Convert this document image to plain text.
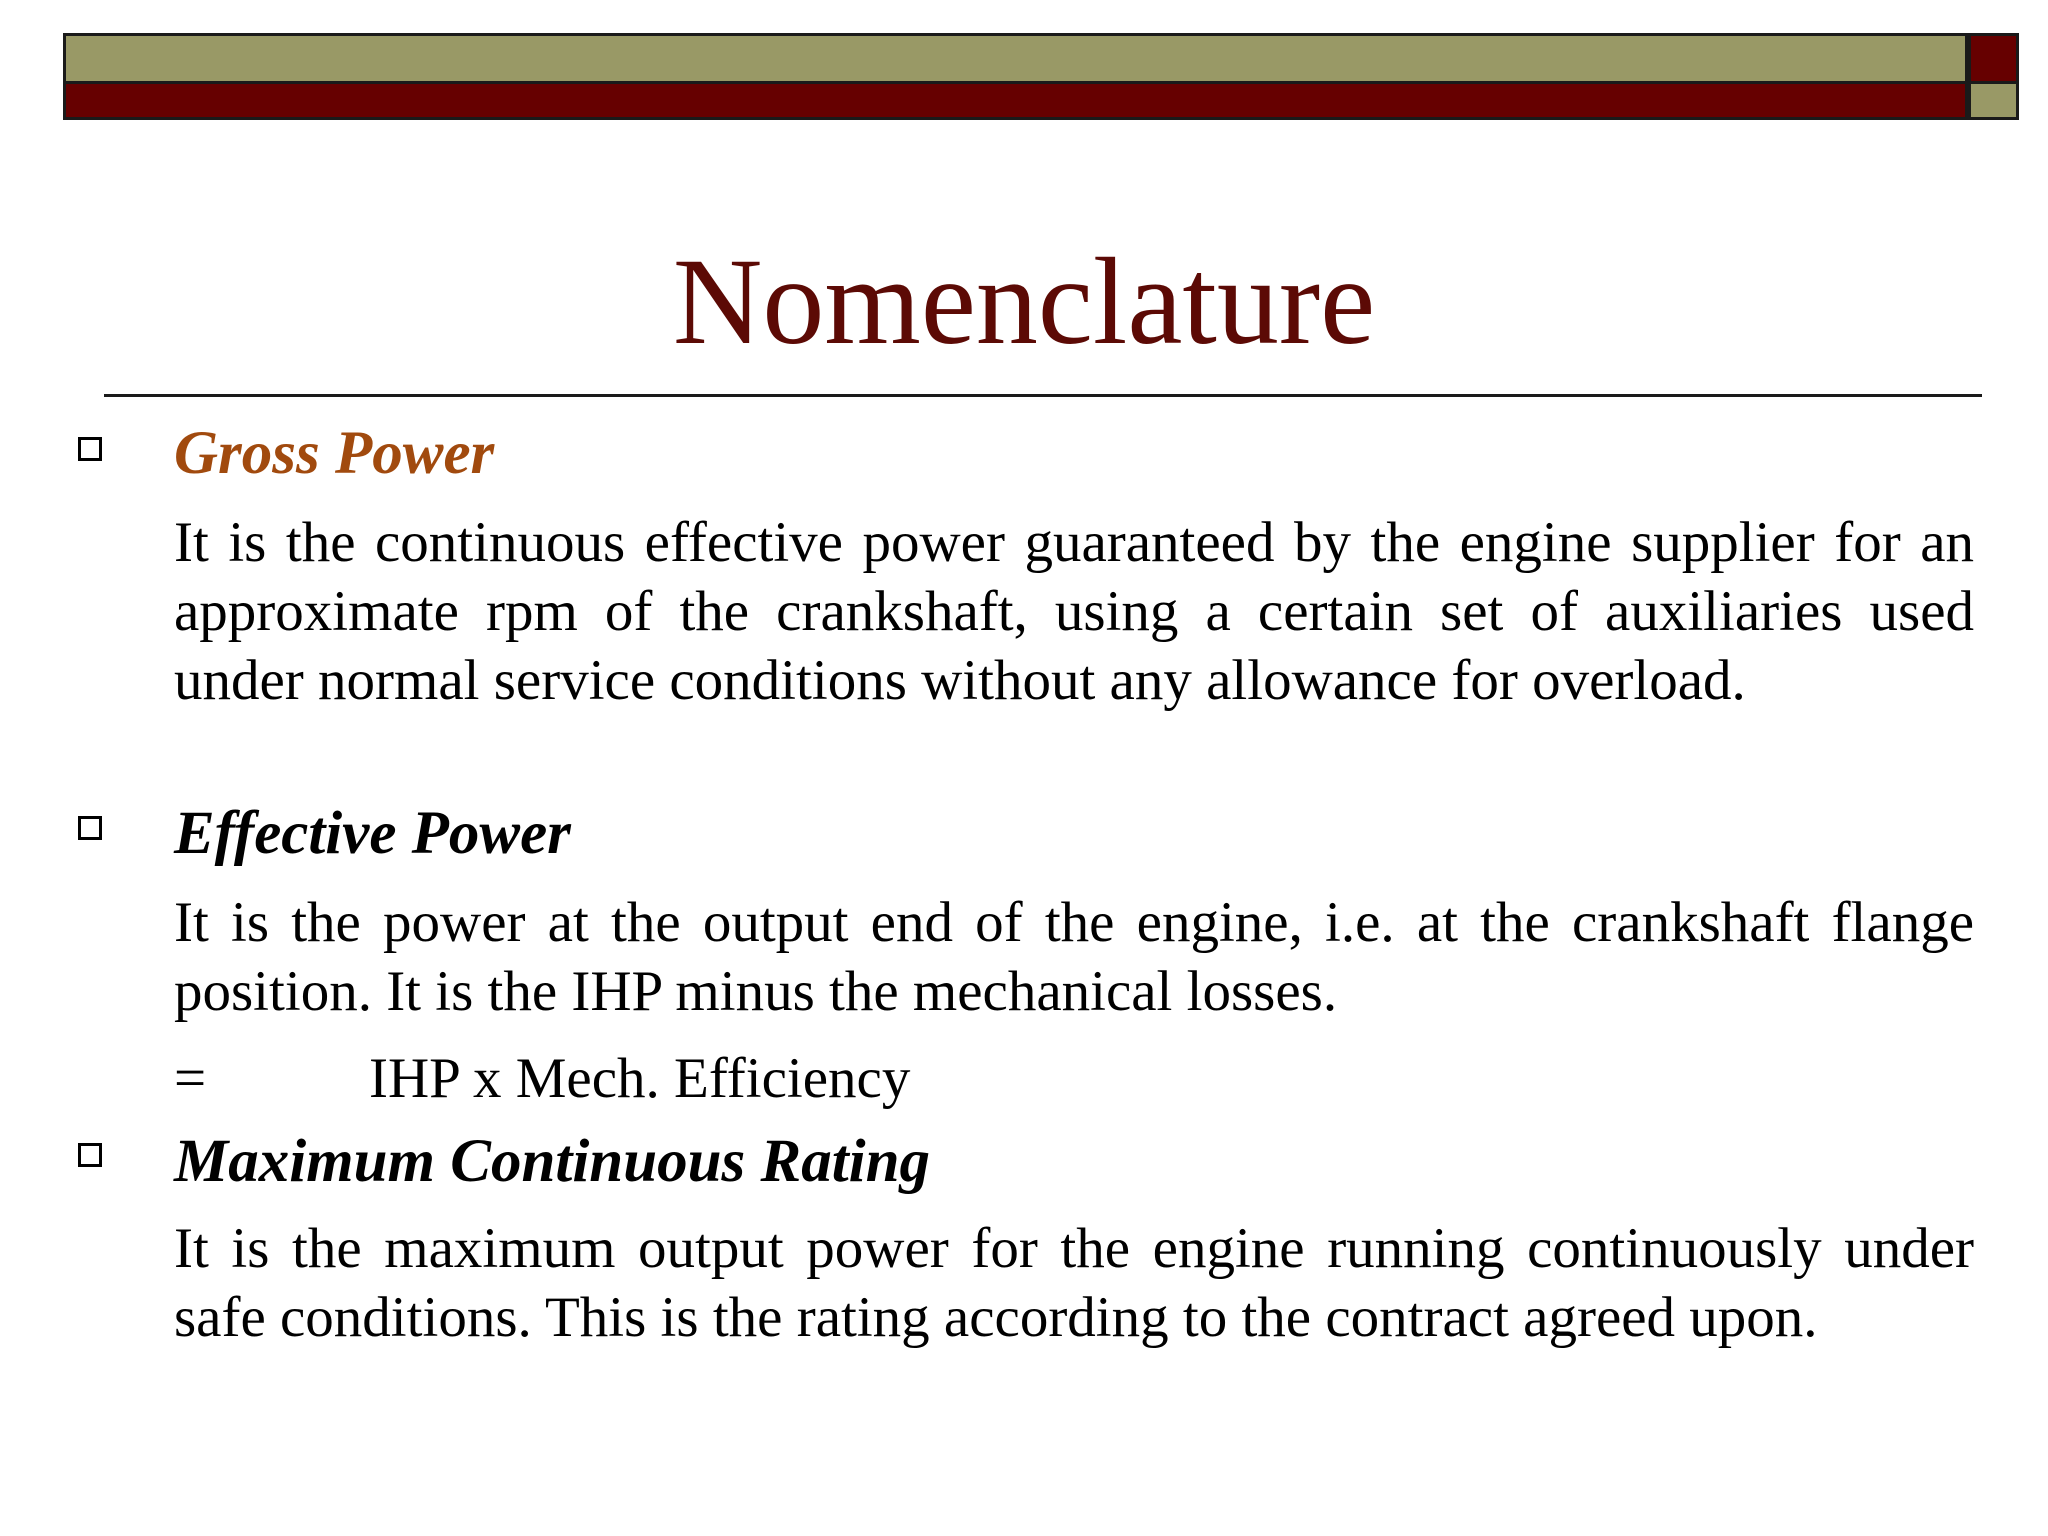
Nomenclature
Gross Power

It is the continuous effective power guaranteed by the engine supplier for an approximate rpm of the crankshaft, using a certain set of auxiliaries used under normal service conditions without any allowance for overload.

Effective Power

It is the power at the output end of the engine, i.e. at the crankshaft flange position. It is the IHP minus the mechanical losses.

=	IHP x Mech. Efficiency
Maximum Continuous Rating

It is the maximum output power for the engine running continuously under safe conditions. This is the rating according to the contract agreed upon.
